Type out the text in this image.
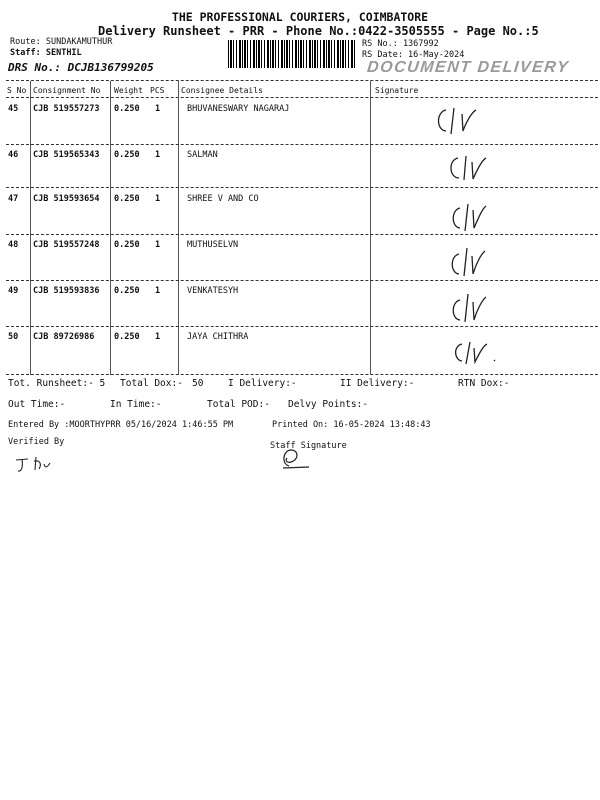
THE PROFESSIONAL COURIERS, COIMBATORE
Delivery Runsheet - PRR - Phone No.:0422-3505555 - Page No.:5
Route: SUNDAKAMUTHUR
Staff: SENTHIL
DRS No.: DCJB136799205
RS No.: 1367992
RS Date: 16-May-2024
DOCUMENT DELIVERY
S No Consignment No Weight PCS Consignee Details	Signature
45 CJB 519557273 0.250 1	BHUVANESWARY NAGARAJ
46 CJB 519565343 0.250 1	SALMAN
47 CJB 519593654 0.250 1	SHREE V AND CO
48 CJB 519557248 0.250 1	MUTHUSELVN
49 CJB 519593836 0.250 1	VENKATESYH
50 CJB 89726986 0.250 1	JAYA CHITHRA
Tot. Runsheet:- 5 Total Dox:- 50	I Delivery:-	II Delivery:-	RTN Dox:-
Out Time:-	In Time:-	Total POD:- Delvy Points:-
Entered By :MOORTHYPRR 05/16/2024 1:46:55 PM	Printed On: 16-05-2024 13:48:43
Verified By	Staff Signature
